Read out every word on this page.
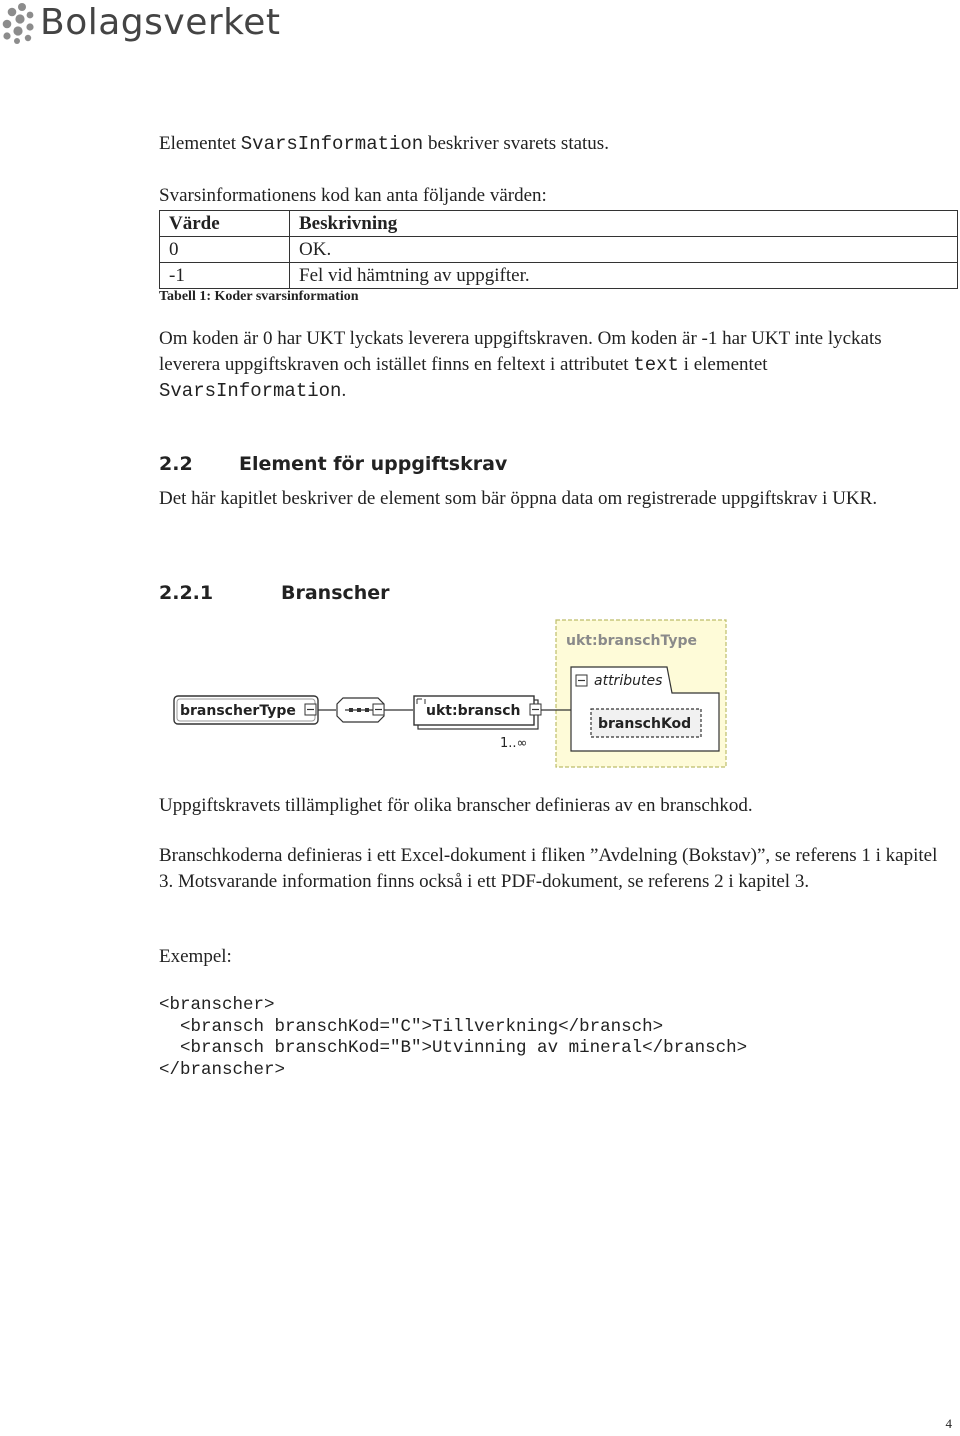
Bolagsverket

Elementet SvarsInformation beskriver svarets status.

Svarsinformationens kod kan anta följande värden:

Värde	Beskrivning
0	OK.
-1	Fel vid hämtning av uppgifter.

Tabell 1: Koder svarsinformation

Om koden är 0 har UKT lyckats leverera uppgiftskraven. Om koden är -1 har UKT inte lyckats leverera uppgiftskraven och istället finns en feltext i attributet text i elementet SvarsInformation.

2.2 Element för uppgiftskrav

Det här kapitlet beskriver de element som bär öppna data om registrerade uppgiftskrav i UKR.

2.2.1	Branscher
ukt:branschType
attributes
branschKod
branscherType	ukt:bransch
1..∞

Uppgiftskravets tillämplighet för olika branscher definieras av en branschkod.

Branschkoderna definieras i ett Excel-dokument i fliken ”Avdelning (Bokstav)”, se referens 1 i kapitel 3. Motsvarande information finns också i ett PDF-dokument, se referens 2 i kapitel 3.

Exempel:

<branscher>
<bransch branschKod="C">Tillverkning</bransch>
<bransch branschKod="B">Utvinning av mineral</bransch>
</branscher>

4
